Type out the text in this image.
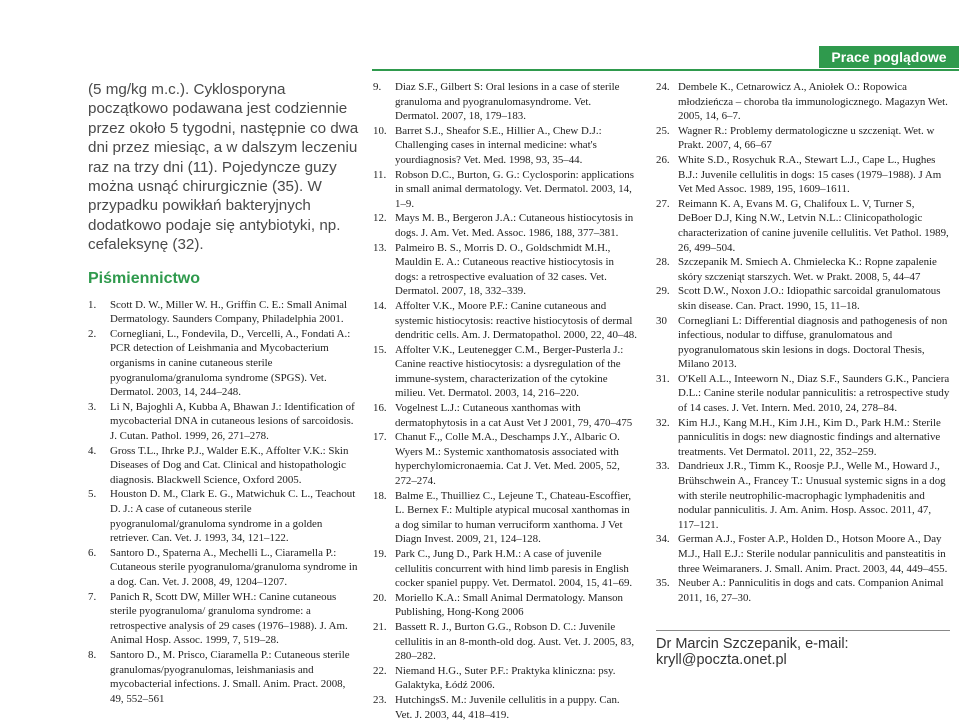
Prace poglądowe

(5 mg/kg m.c.). Cyklosporyna początkowo podawana jest codziennie przez około 5 tygodni, następnie co dwa dni przez miesiąc, a w dalszym leczeniu raz na trzy dni (11). Pojedyncze guzy można usnąć chirurgicznie (35). W przypadku powikłań bakteryjnych dodatkowo podaje się antybiotyki, np. cefaleksynę (32).

Piśmiennictwo
1. Scott D. W., Miller W. H., Griffin C. E.: Small Animal Dermatology. Saunders Company, Philadelphia 2001.
2. Cornegliani, L., Fondevila, D., Vercelli, A., Fondati A.: PCR detection of Leishmania and Mycobacterium organisms in canine cutaneous sterile pyogranuloma/granuloma syndrome (SPGS). Vet. Dermatol. 2003, 14, 244–248.
3. Li N, Bajoghli A, Kubba A, Bhawan J.: Identification of mycobacterial DNA in cutaneous lesions of sarcoidosis. J. Cutan. Pathol. 1999, 26, 271–278.
4. Gross T.L., Ihrke P.J., Walder E.K., Affolter V.K.: Skin Diseases of Dog and Cat. Clinical and histopathologic diagnosis. Blackwell Science, Oxford 2005.
5. Houston D. M., Clark E. G., Matwichuk C. L., Teachout D. J.: A case of cutaneous sterile pyogranulomal/granuloma syndrome in a golden retriever. Can. Vet. J. 1993, 34, 121–122.
6. Santoro D., Spaterna A., Mechelli L., Ciaramella P.: Cutaneous sterile pyogranuloma/granuloma syndrome in a dog. Can. Vet. J. 2008, 49, 1204–1207.
7. Panich R, Scott DW, Miller WH.: Canine cutaneous sterile pyogranuloma/ granuloma syndrome: a retrospective analysis of 29 cases (1976–1988). J. Am. Animal Hosp. Assoc. 1999, 7, 519–28.
8. Santoro D., M. Prisco, Ciaramella P.: Cutaneous sterile granulomas/pyogranulomas, leishmaniasis and mycobacterial infections. J. Small. Anim. Pract. 2008, 49, 552–561
9. Diaz S.F., Gilbert S: Oral lesions in a case of sterile granuloma and pyogranulomasyndrome. Vet. Dermatol. 2007, 18, 179–183.
10. Barret S.J., Sheafor S.E., Hillier A., Chew D.J.: Challenging cases in internal medicine: what's yourdiagnosis? Vet. Med. 1998, 93, 35–44.
11. Robson D.C., Burton, G. G.: Cyclosporin: applications in small animal dermatology. Vet. Dermatol. 2003, 14, 1–9.
12. Mays M. B., Bergeron J.A.: Cutaneous histiocytosis in dogs. J. Am. Vet. Med. Assoc. 1986, 188, 377–381.
13. Palmeiro B. S., Morris D. O., Goldschmidt M.H., Mauldin E. A.: Cutaneous reactive histiocytosis in dogs: a retrospective evaluation of 32 cases. Vet. Dermatol. 2007, 18, 332–339.
14. Affolter V.K., Moore P.F.: Canine cutaneous and systemic histiocytosis: reactive histiocytosis of dermal dendritic cells. Am. J. Dermatopathol. 2000, 22, 40–48.
15. Affolter V.K., Leutenegger C.M., Berger-Pusterla J.: Canine reactive histiocytosis: a dysregulation of the immune-system, characterization of the cytokine milieu. Vet. Dermatol. 2003, 14, 216–220.
16. Vogelnest L.J.: Cutaneous xanthomas with dermatophytosis in a cat Aust Vet J 2001, 79, 470–475
17. Chanut F.,, Colle M.A., Deschamps J.Y., Albaric O. Wyers M.: Systemic xanthomatosis associated with hyperchylomicronaemia. Cat J. Vet. Med. 2005, 52, 272–274.
18. Balme E., Thuilliez C., Lejeune T., Chateau-Escoffier, L. Bernex F.: Multiple atypical mucosal xanthomas in a dog similar to human verruciform xanthoma. J Vet Diagn Invest. 2009, 21, 124–128.
19. Park C., Jung D., Park H.M.: A case of juvenile cellulitis concurrent with hind limb paresis in English cocker spaniel puppy. Vet. Dermatol. 2004, 15, 41–69.
20. Moriello K.A.: Small Animal Dermatology. Manson Publishing, Hong-Kong 2006
21. Bassett R. J., Burton G.G., Robson D. C.: Juvenile cellulitis in an 8-month-old dog. Aust. Vet. J. 2005, 83, 280–282.
22. Niemand H.G., Suter P.F.: Praktyka kliniczna: psy. Galaktyka, Łódź 2006.
23. HutchingsS. M.: Juvenile cellulitis in a puppy. Can. Vet. J. 2003, 44, 418–419.
24. Dembele K., Cetnarowicz A., Aniołek O.: Ropowica młodzieńcza – choroba tła immunologicznego. Magazyn Wet. 2005, 14, 6–7.
25. Wagner R.: Problemy dermatologiczne u szczeniąt. Wet. w Prakt. 2007, 4, 66–67
26. White S.D., Rosychuk R.A., Stewart L.J., Cape L., Hughes B.J.: Juvenile cellulitis in dogs: 15 cases (1979–1988). J Am Vet Med Assoc. 1989, 195, 1609–1611.
27. Reimann K. A, Evans M. G, Chalifoux L. V, Turner S, DeBoer D.J, King N.W., Letvin N.L.: Clinicopathologic characterization of canine juvenile cellulitis. Vet Pathol. 1989, 26, 499–504.
28. Szczepanik M. Smiech A. Chmielecka K.: Ropne zapalenie skóry szczeniąt starszych. Wet. w Prakt. 2008, 5, 44–47
29. Scott D.W., Noxon J.O.: Idiopathic sarcoidal granulomatous skin disease. Can. Pract. 1990, 15, 11–18.
30 Cornegliani L: Differential diagnosis and pathogenesis of non infectious, nodular to diffuse, granulomatous and pyogranulomatous skin lesions in dogs. Doctoral Thesis, Milano 2013.
31. O'Kell A.L., Inteeworn N., Diaz S.F., Saunders G.K., Panciera D.L.: Canine sterile nodular panniculitis: a retrospective study of 14 cases. J. Vet. Intern. Med. 2010, 24, 278–84.
32. Kim H.J., Kang M.H., Kim J.H., Kim D., Park H.M.: Sterile panniculitis in dogs: new diagnostic findings and alternative treatments. Vet Dermatol. 2011, 22, 352–259.
33. Dandrieux J.R., Timm K., Roosje P.J., Welle M., Howard J., Brühschwein A., Francey T.: Unusual systemic signs in a dog with sterile neutrophilic-macrophagic lymphadenitis and nodular panniculitis. J. Am. Anim. Hosp. Assoc. 2011, 47, 117–121.
34. German A.J., Foster A.P., Holden D., Hotson Moore A., Day M.J., Hall E.J.: Sterile nodular panniculitis and pansteatitis in three Weimaraners. J. Small. Anim. Pract. 2003, 44, 449–455.
35. Neuber A.: Panniculitis in dogs and cats. Companion Animal 2011, 16, 27–30.
Dr Marcin Szczepanik, e-mail: kryll@poczta.onet.pl
